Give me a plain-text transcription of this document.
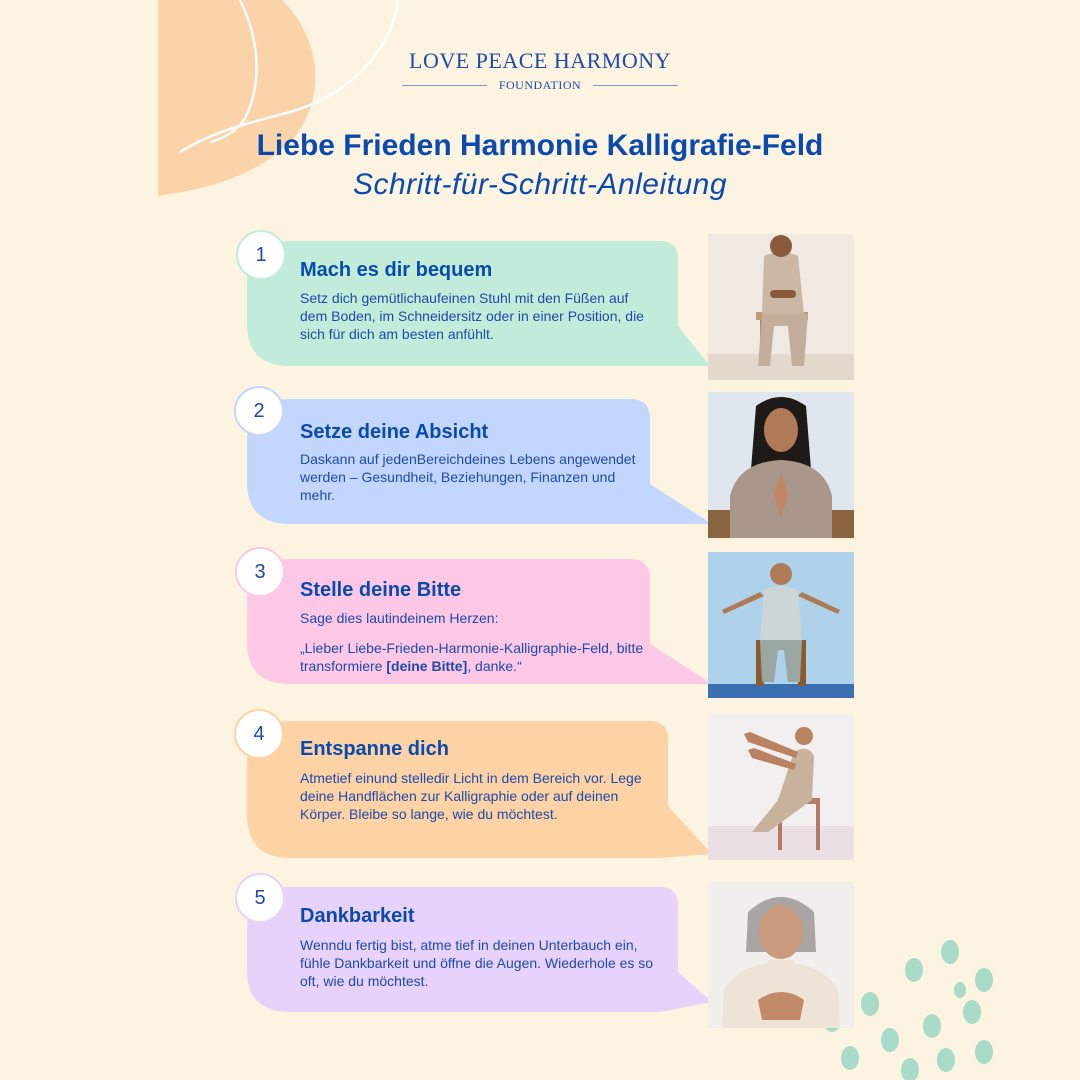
LOVE PEACE HARMONY
FOUNDATION
Liebe Frieden Harmonie Kalligrafie-Feld
Schritt-für-Schritt-Anleitung
1
Mach es dir bequem

Setz dich gemütlichaufeinen Stuhl mit den Füßen auf dem Boden, im Schneidersitz oder in einer Position, die sich für dich am besten anfühlt.

2
Setze deine Absicht

Daskann auf jedenBereichdeines Lebens angewendet werden – Gesundheit, Beziehungen, Finanzen und mehr.

3
Stelle deine Bitte

Sage dies lautindeinem Herzen:

„Lieber Liebe-Frieden-Harmonie-Kalligraphie-Feld, bitte transformiere [deine Bitte], danke.“

4
Entspanne dich

Atmetief einund stelledir Licht in dem Bereich vor. Lege deine Handflächen zur Kalligraphie oder auf deinen Körper. Bleibe so lange, wie du möchtest.

5
Dankbarkeit

Wenndu fertig bist, atme tief in deinen Unterbauch ein, fühle Dankbarkeit und öffne die Augen. Wiederhole es so oft, wie du möchtest.
